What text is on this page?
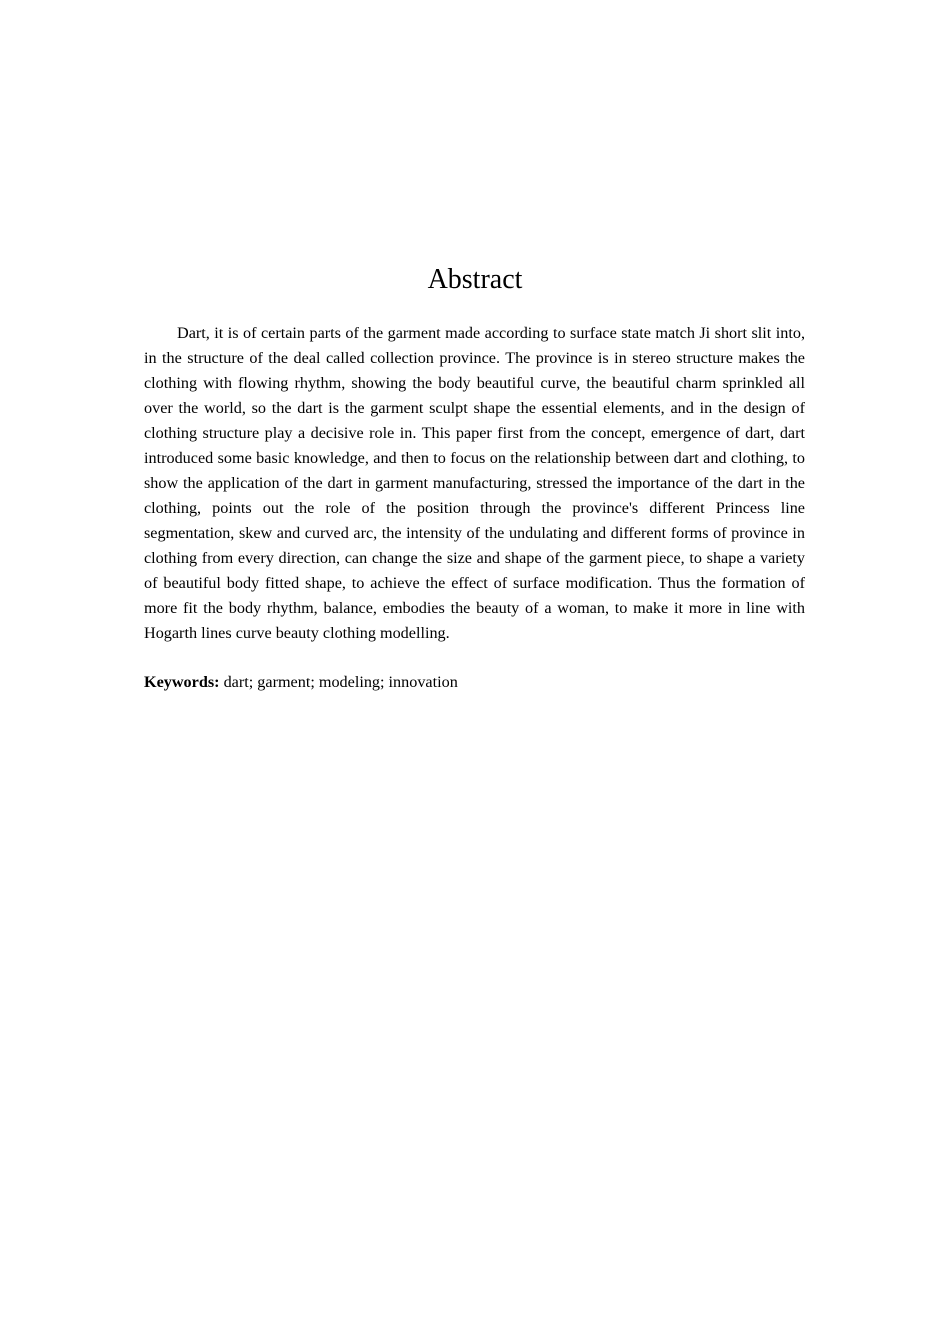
Abstract

Dart, it is of certain parts of the garment made according to surface state match Ji short slit into, in the structure of the deal called collection province. The province is in stereo structure makes the clothing with flowing rhythm, showing the body beautiful curve, the beautiful charm sprinkled all over the world, so the dart is the garment sculpt shape the essential elements, and in the design of clothing structure play a decisive role in. This paper first from the concept, emergence of dart, dart introduced some basic knowledge, and then to focus on the relationship between dart and clothing, to show the application of the dart in garment manufacturing, stressed the importance of the dart in the clothing, points out the role of the position through the province's different Princess line segmentation, skew and curved arc, the intensity of the undulating and different forms of province in clothing from every direction, can change the size and shape of the garment piece, to shape a variety of beautiful body fitted shape, to achieve the effect of surface modification. Thus the formation of more fit the body rhythm, balance, embodies the beauty of a woman, to make it more in line with Hogarth lines curve beauty clothing modelling.

Keywords: dart; garment; modeling; innovation
